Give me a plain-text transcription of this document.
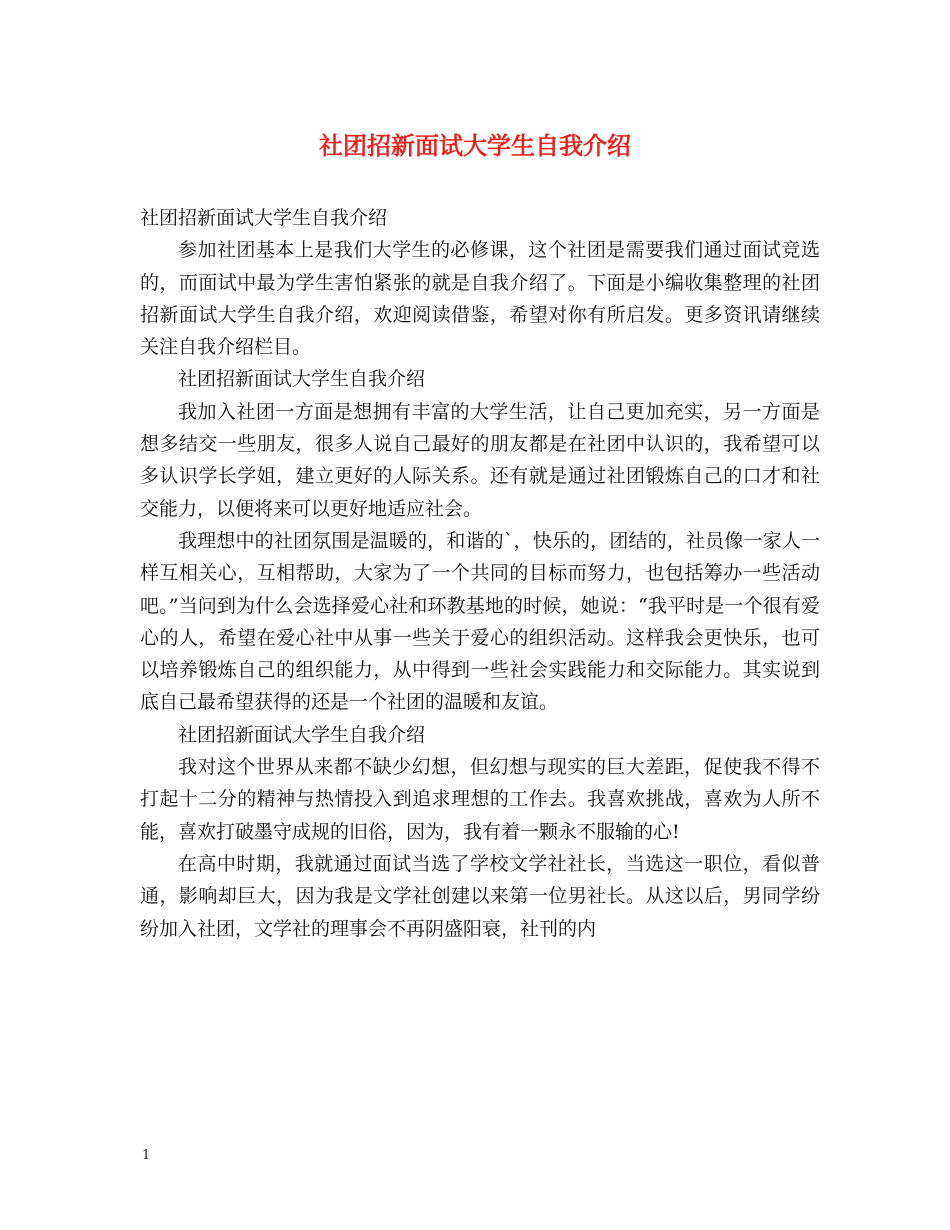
社团招新面试大学生自我介绍

社团招新面试大学生自我介绍

参加社团基本上是我们大学生的必修课，这个社团是需要我们通过面试竞选的，而面试中最为学生害怕紧张的就是自我介绍了。下面是小编收集整理的社团招新面试大学生自我介绍，欢迎阅读借鉴，希望对你有所启发。更多资讯请继续关注自我介绍栏目。

社团招新面试大学生自我介绍

我加入社团一方面是想拥有丰富的大学生活，让自己更加充实，另一方面是想多结交一些朋友，很多人说自己最好的朋友都是在社团中认识的，我希望可以多认识学长学姐，建立更好的人际关系。还有就是通过社团锻炼自己的口才和社交能力，以便将来可以更好地适应社会。

我理想中的社团氛围是温暖的，和谐的`，快乐的，团结的，社员像一家人一样互相关心，互相帮助，大家为了一个共同的目标而努力，也包括筹办一些活动吧。”当问到为什么会选择爱心社和环教基地的时候，她说：“我平时是一个很有爱心的人，希望在爱心社中从事一些关于爱心的组织活动。这样我会更快乐，也可以培养锻炼自己的组织能力，从中得到一些社会实践能力和交际能力。其实说到底自己最希望获得的还是一个社团的温暖和友谊。

社团招新面试大学生自我介绍

我对这个世界从来都不缺少幻想，但幻想与现实的巨大差距，促使我不得不打起十二分的精神与热情投入到追求理想的工作去。我喜欢挑战，喜欢为人所不能，喜欢打破墨守成规的旧俗，因为，我有着一颗永不服输的心!

在高中时期，我就通过面试当选了学校文学社社长，当选这一职位，看似普通，影响却巨大，因为我是文学社创建以来第一位男社长。从这以后，男同学纷纷加入社团，文学社的理事会不再阴盛阳衰，社刊的内

1
